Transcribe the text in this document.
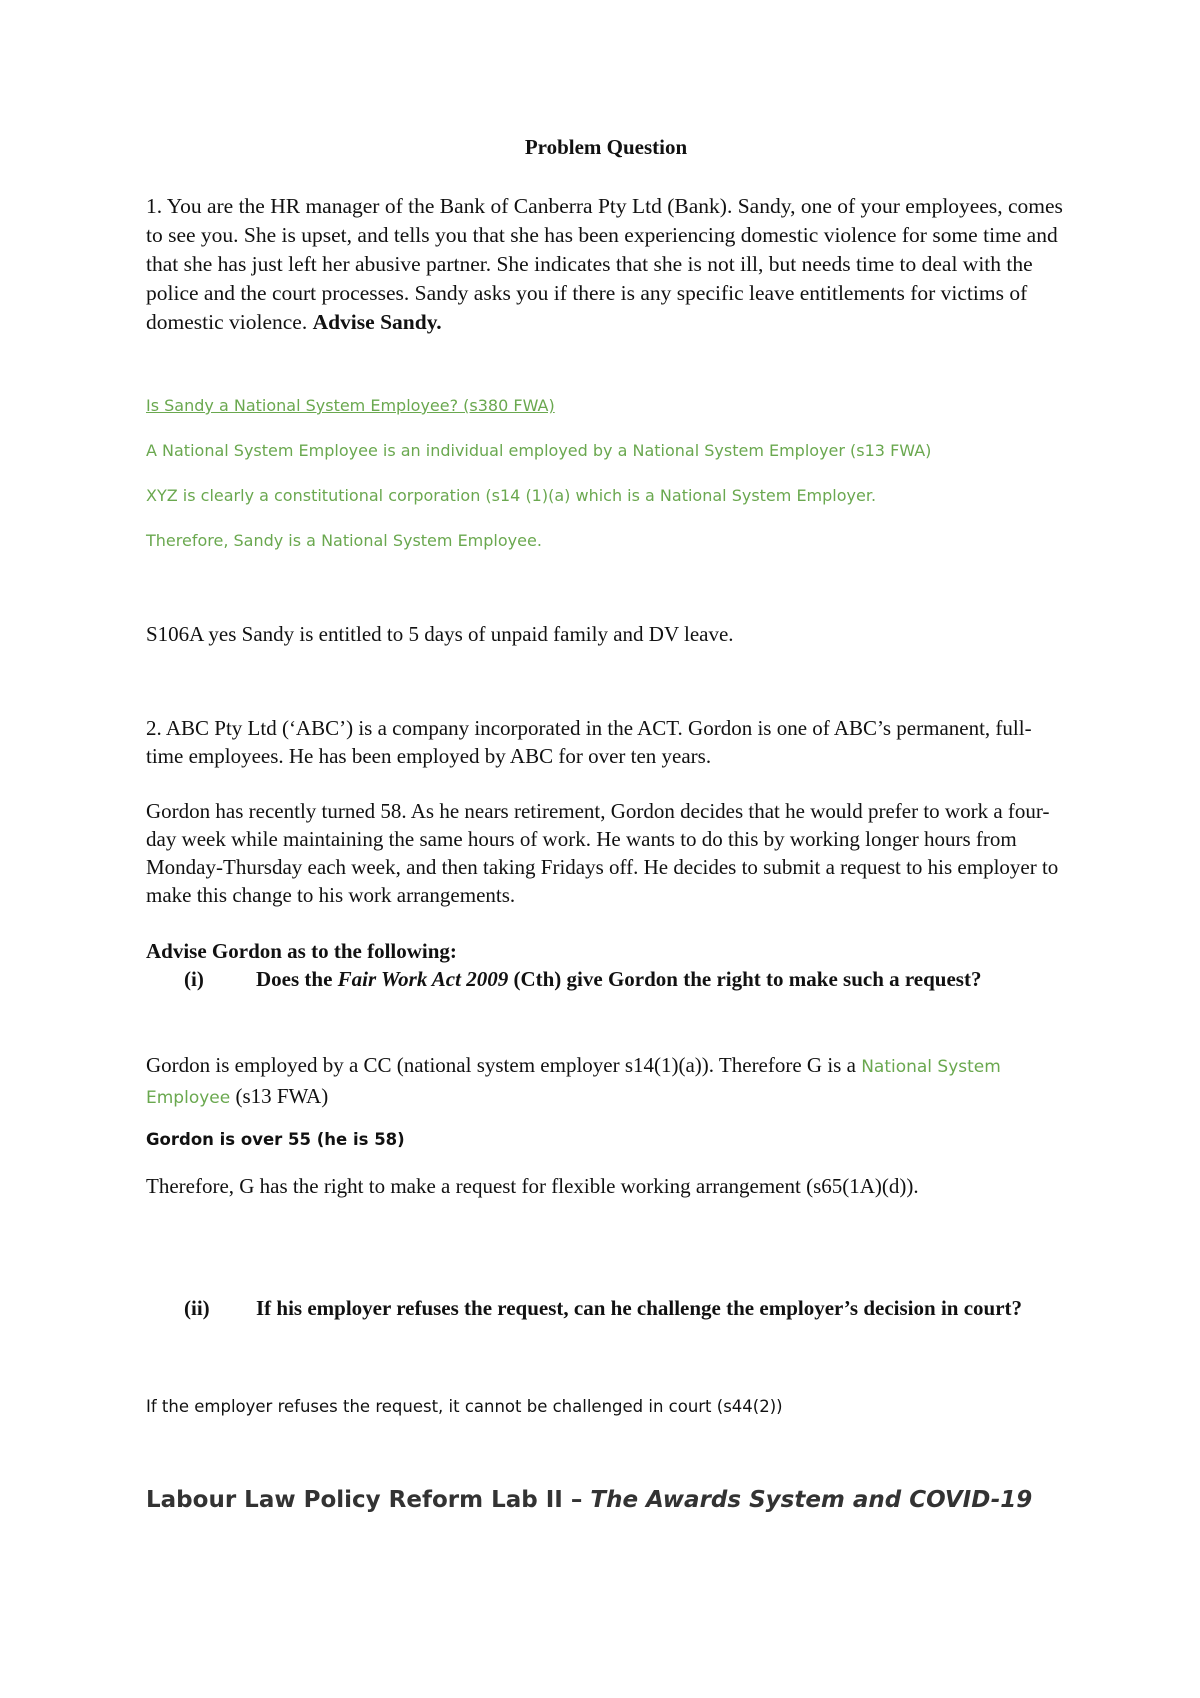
Problem Question

1. You are the HR manager of the Bank of Canberra Pty Ltd (Bank). Sandy, one of your employees, comes to see you. She is upset, and tells you that she has been experiencing domestic violence for some time and that she has just left her abusive partner. She indicates that she is not ill, but needs time to deal with the police and the court processes. Sandy asks you if there is any specific leave entitlements for victims of domestic violence. Advise Sandy.

Is Sandy a National System Employee? (s380 FWA)

A National System Employee is an individual employed by a National System Employer (s13 FWA)

XYZ is clearly a constitutional corporation (s14 (1)(a) which is a National System Employer.

Therefore, Sandy is a National System Employee.

S106A yes Sandy is entitled to 5 days of unpaid family and DV leave.

2. ABC Pty Ltd (‘ABC’) is a company incorporated in the ACT. Gordon is one of ABC’s permanent, full-time employees. He has been employed by ABC for over ten years.

Gordon has recently turned 58. As he nears retirement, Gordon decides that he would prefer to work a four-day week while maintaining the same hours of work. He wants to do this by working longer hours from Monday-Thursday each week, and then taking Fridays off. He decides to submit a request to his employer to make this change to his work arrangements.

Advise Gordon as to the following:

(i)	Does the Fair Work Act 2009 (Cth) give Gordon the right to make such a request?

Gordon is employed by a CC (national system employer s14(1)(a)). Therefore G is a National System Employee (s13 FWA)

Gordon is over 55 (he is 58)

Therefore, G has the right to make a request for flexible working arrangement (s65(1A)(d)).

(ii)	If his employer refuses the request, can he challenge the employer’s decision in court?

If the employer refuses the request, it cannot be challenged in court (s44(2))

Labour Law Policy Reform Lab II – The Awards System and COVID-19
